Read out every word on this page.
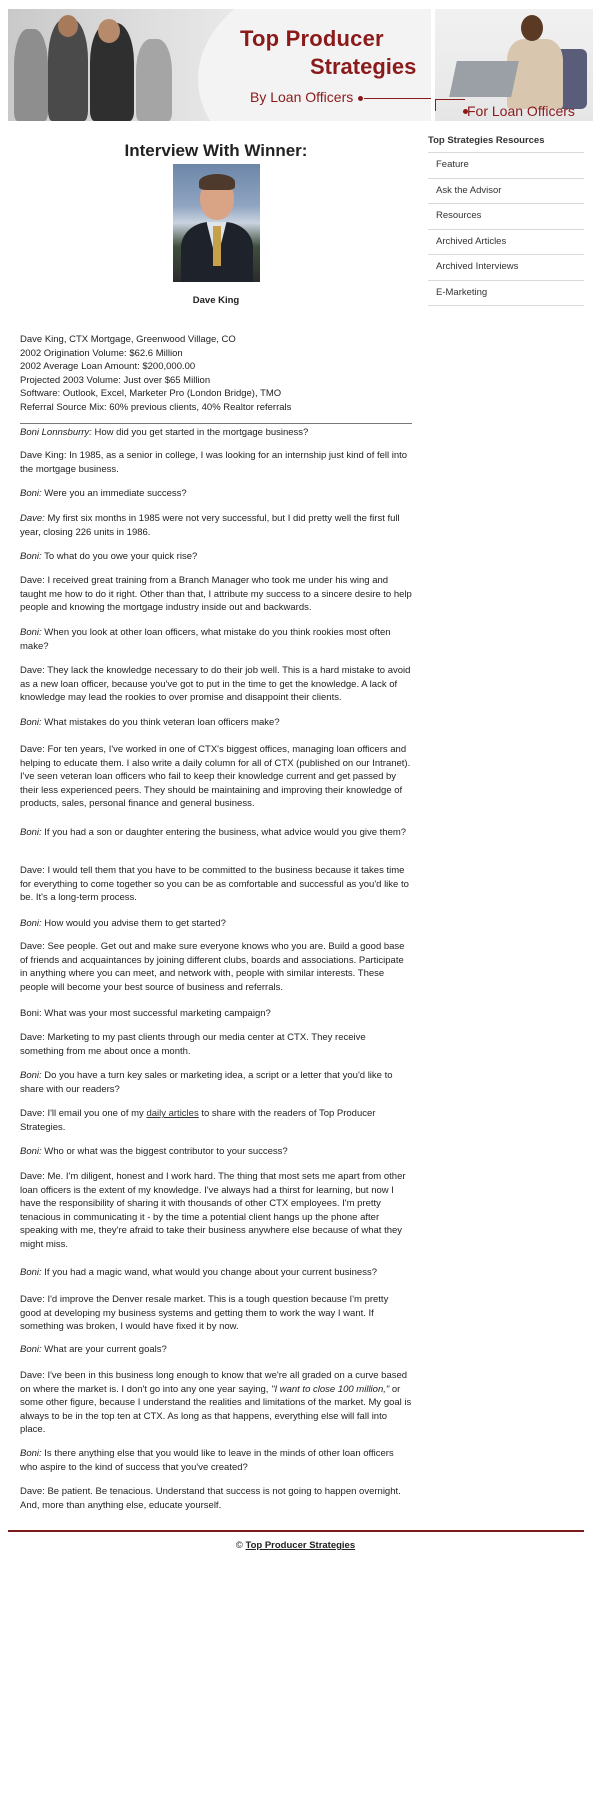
Top Producer
Strategies
By Loan Officers
For Loan Officers
Top Strategies Resources
Feature
Ask the Advisor
Resources
Archived Articles
Archived Interviews
E-Marketing
Interview With Winner:
Dave King
Dave King, CTX Mortgage, Greenwood Village, CO
2002 Origination Volume: $62.6 Million
2002 Average Loan Amount: $200,000.00
Projected 2003 Volume: Just over $65 Million
Software: Outlook, Excel, Marketer Pro (London Bridge), TMO
Referral Source Mix: 60% previous clients, 40% Realtor referrals

Boni Lonnsburry: How did you get started in the mortgage business?

Dave King: In 1985, as a senior in college, I was looking for an internship just kind of fell into the mortgage business.

Boni: Were you an immediate success?

Dave: My first six months in 1985 were not very successful, but I did pretty well the first full year, closing 226 units in 1986.

Boni: To what do you owe your quick rise?

Dave: I received great training from a Branch Manager who took me under his wing and taught me how to do it right. Other than that, I attribute my success to a sincere desire to help people and knowing the mortgage industry inside out and backwards.

Boni: When you look at other loan officers, what mistake do you think rookies most often make?

Dave: They lack the knowledge necessary to do their job well. This is a hard mistake to avoid as a new loan officer, because you've got to put in the time to get the knowledge. A lack of knowledge may lead the rookies to over promise and disappoint their clients.

Boni: What mistakes do you think veteran loan officers make?

Dave: For ten years, I've worked in one of CTX's biggest offices, managing loan officers and helping to educate them. I also write a daily column for all of CTX (published on our Intranet). I've seen veteran loan officers who fail to keep their knowledge current and get passed by their less experienced peers. They should be maintaining and improving their knowledge of products, sales, personal finance and general business.

Boni: If you had a son or daughter entering the business, what advice would you give them?

Dave: I would tell them that you have to be committed to the business because it takes time for everything to come together so you can be as comfortable and successful as you'd like to be. It's a long-term process.

Boni: How would you advise them to get started?

Dave: See people. Get out and make sure everyone knows who you are. Build a good base of friends and acquaintances by joining different clubs, boards and associations. Participate in anything where you can meet, and network with, people with similar interests. These people will become your best source of business and referrals.

Boni: What was your most successful marketing campaign?

Dave: Marketing to my past clients through our media center at CTX. They receive something from me about once a month.

Boni: Do you have a turn key sales or marketing idea, a script or a letter that you'd like to share with our readers?

Dave: I'll email you one of my daily articles to share with the readers of Top Producer Strategies.

Boni: Who or what was the biggest contributor to your success?

Dave: Me. I'm diligent, honest and I work hard. The thing that most sets me apart from other loan officers is the extent of my knowledge. I've always had a thirst for learning, but now I have the responsibility of sharing it with thousands of other CTX employees. I'm pretty tenacious in communicating it - by the time a potential client hangs up the phone after speaking with me, they're afraid to take their business anywhere else because of what they might miss.

Boni: If you had a magic wand, what would you change about your current business?

Dave: I'd improve the Denver resale market. This is a tough question because I'm pretty good at developing my business systems and getting them to work the way I want. If something was broken, I would have fixed it by now.

Boni: What are your current goals?

Dave: I've been in this business long enough to know that we're all graded on a curve based on where the market is. I don't go into any one year saying, "I want to close 100 million," or some other figure, because I understand the realities and limitations of the market. My goal is always to be in the top ten at CTX. As long as that happens, everything else will fall into place.

Boni: Is there anything else that you would like to leave in the minds of other loan officers who aspire to the kind of success that you've created?

Dave: Be patient. Be tenacious. Understand that success is not going to happen overnight. And, more than anything else, educate yourself.

© Top Producer Strategies
